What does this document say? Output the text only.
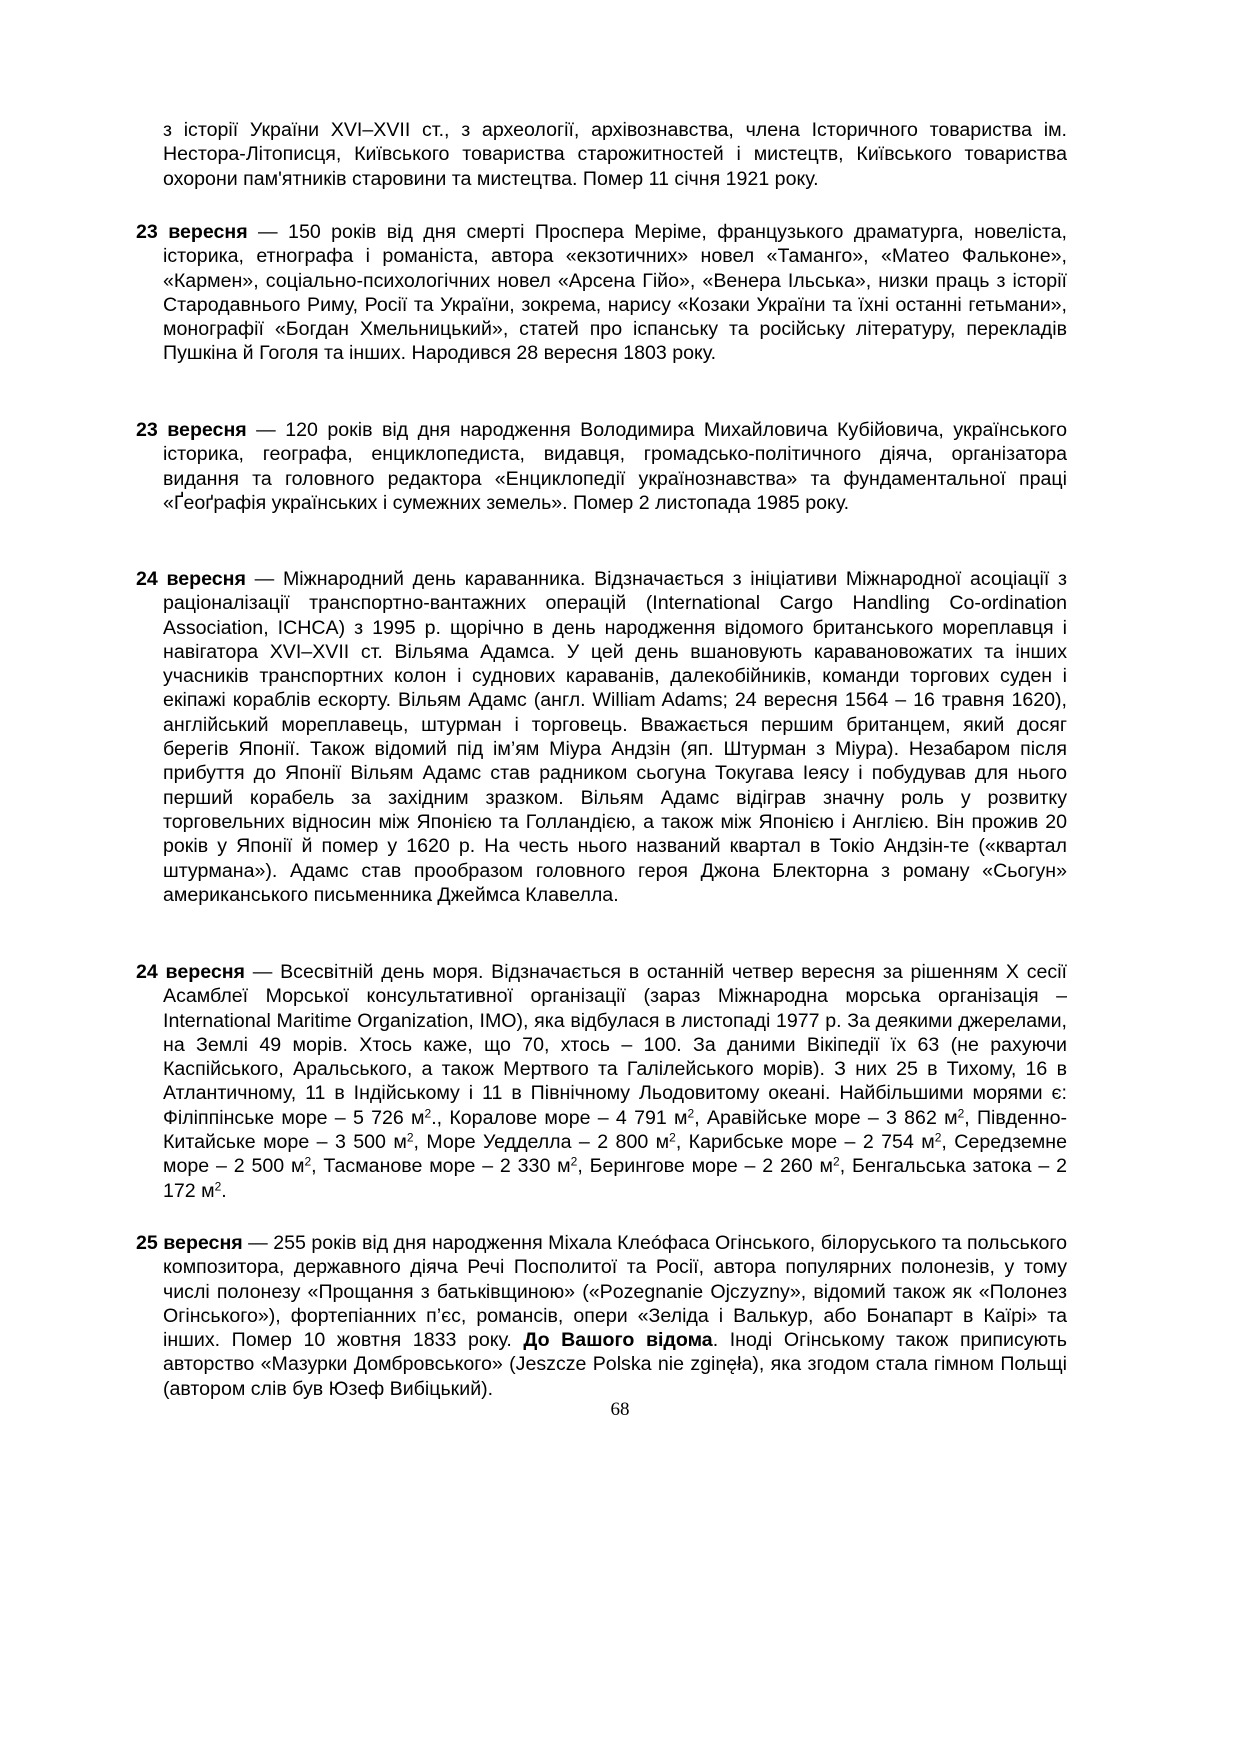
з історії України XVI–XVII ст., з археології, архівознавства, члена Історичного товариства ім. Нестора-Літописця, Київського товариства старожитностей і мистецтв, Київського товариства охорони пам'ятників старовини та мистецтва. Помер 11 січня 1921 року.

23 вересня — 150 років від дня смерті Проспера Меріме, французького драматурга, новеліста, історика, етнографа і романіста, автора «екзотичних» новел «Таманго», «Матео Фальконе», «Кармен», соціально-психологічних новел «Арсена Гійо», «Венера Ільська», низки праць з історії Стародавнього Риму, Росії та України, зокрема, нарису «Козаки України та їхні останні гетьмани», монографії «Богдан Хмельницький», статей про іспанську та російську літературу, перекладів Пушкіна й Гоголя та інших. Народився 28 вересня 1803 року.

23 вересня — 120 років від дня народження Володимира Михайловича Кубійовича, українського історика, географа, енциклопедиста, видавця, громадсько-політичного діяча, організатора видання та головного редактора «Енциклопедії українознавства» та фундаментальної праці «Ґеоґрафія українських і сумежних земель». Помер 2 листопада 1985 року.

24 вересня — Міжнародний день караванника. Відзначається з ініціативи Міжнародної асоціації з раціоналізації транспортно-вантажних операцій (International Cargo Handling Co-ordination Association, ICHCA) з 1995 р. щорічно в день народження відомого британського мореплавця і навігатора XVI–XVII ст. Вільяма Адамса. У цей день вшановують каравановожатих та інших учасників транспортних колон і суднових караванів, далекобійників, команди торгових суден і екіпажі кораблів ескорту. Вільям Адамс (англ. William Adams; 24 вересня 1564 – 16 травня 1620), англійський мореплавець, штурман і торговець. Вважається першим британцем, який досяг берегів Японії. Також відомий під ім’ям Міура Андзін (яп. Штурман з Міура). Незабаром після прибуття до Японії Вільям Адамс став радником сьогуна Токугава Іеясу і побудував для нього перший корабель за західним зразком. Вільям Адамс відіграв значну роль у розвитку торговельних відносин між Японією та Голландією, а також між Японією і Англією. Він прожив 20 років у Японії й помер у 1620 р. На честь нього названий квартал в Токіо Андзін-те («квартал штурмана»). Адамс став прообразом головного героя Джона Блекторна з роману «Сьогун» американського письменника Джеймса Клавелла.

24 вересня — Всесвітній день моря. Відзначається в останній четвер вересня за рішенням X сесії Асамблеї Морської консультативної організації (зараз Міжнародна морська організація – International Maritime Organization, IMO), яка відбулася в листопаді 1977 р. За деякими джерелами, на Землі 49 морів. Хтось каже, що 70, хтось – 100. За даними Вікіпедії їх 63 (не рахуючи Каспійського, Аральського, а також Мертвого та Галілейського морів). З них 25 в Тихому, 16 в Атлантичному, 11 в Індійському і 11 в Північному Льодовитому океані. Найбільшими морями є: Філіппінське море – 5 726 $м^2$., Коралове море – 4 791 $м^2$, Аравійське море – 3 862 $м^2$, Південно-Китайське море – 3 500 $м^2$, Море Уедделла – 2 800 $м^2$, Карибське море – 2 754 $м^2$, Середземне море – 2 500 $м^2$, Тасманове море – 2 330 $м^2$, Берингове море – 2 260 $м^2$, Бенгальська затока – 2 172 $м^2$.

25 вересня — 255 років від дня народження Міхала Клеóфаса Огінського, білоруського та польського композитора, державного діяча Речі Посполитої та Росії, автора популярних полонезів, у тому числі полонезу «Прощання з батьківщиною» («Pozegnanie Ojczyzny», відомий також як «Полонез Огінського»), фортепіанних п’єс, романсів, опери «Зеліда і Валькур, або Бонапарт в Каїрі» та інших. Помер 10 жовтня 1833 року. До Вашого відома. Іноді Огінському також приписують авторство «Мазурки Домбровського» (Jeszcze Polska nie zginęła), яка згодом стала гімном Польщі (автором слів був Юзеф Вибіцький).

68
